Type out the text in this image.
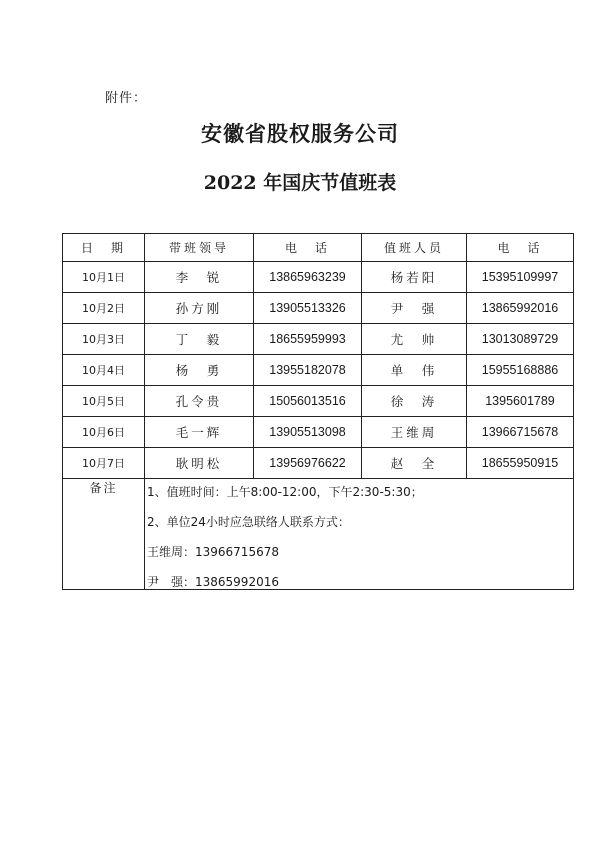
附件：
安徽省股权服务公司
2022 年国庆节值班表
日　期	带班领导	电　话	值班人员	电　话
10月1日	李　锐	13865963239	杨若阳	15395109997
10月2日	孙方刚	13905513326	尹　强	13865992016
10月3日	丁　毅	18655959993	尤　帅	13013089729
10月4日	杨　勇	13955182078	单　伟	15955168886
10月5日	孔令贵	15056013516	徐　涛	1395601789
10月6日	毛一辉	13905513098	王维周	13966715678
10月7日	耿明松	13956976622	赵　全	18655950915
备注	1、值班时间：上午8:00-12:00，下午2:30-5:30；
2、单位24小时应急联络人联系方式：
王维周：13966715678
尹　强：13865992016			
